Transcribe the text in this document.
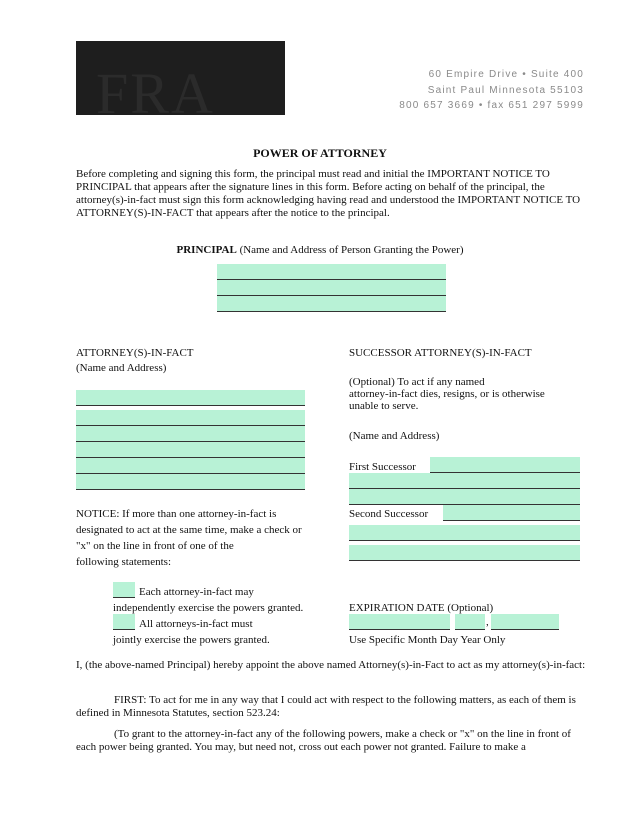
FRA	60 Empire Drive • Suite 400
Saint Paul Minnesota 55103
800 657 3669 • fax 651 297 5999
POWER OF ATTORNEY
Before completing and signing this form, the principal must read and initial the IMPORTANT NOTICE TO PRINCIPAL that appears after the signature lines in this form. Before acting on behalf of the principal, the attorney(s)-in-fact must sign this form acknowledging having read and understood the IMPORTANT NOTICE TO ATTORNEY(S)-IN-FACT that appears after the notice to the principal.
PRINCIPAL (Name and Address of Person Granting the Power)
ATTORNEY(S)-IN-FACT
(Name and Address)
SUCCESSOR ATTORNEY(S)-IN-FACT
(Optional) To act if any named
attorney-in-fact dies, resigns, or is otherwise
unable to serve.
(Name and Address)
First Successor
Second Successor
NOTICE: If more than one attorney-in-fact is
designated to act at the same time, make a check or
"x" on the line in front of one of the
following statements:
Each attorney-in-fact may
independently exercise the powers granted.
All attorneys-in-fact must
jointly exercise the powers granted.
EXPIRATION DATE (Optional)
,
Use Specific Month Day Year Only
I, (the above-named Principal) hereby appoint the above named Attorney(s)-in-Fact to act as my attorney(s)-in-fact:
FIRST: To act for me in any way that I could act with respect to the following matters, as each of them is defined in Minnesota Statutes, section 523.24:
(To grant to the attorney-in-fact any of the following powers, make a check or "x" on the line in front of each power being granted. You may, but need not, cross out each power not granted. Failure to make a
